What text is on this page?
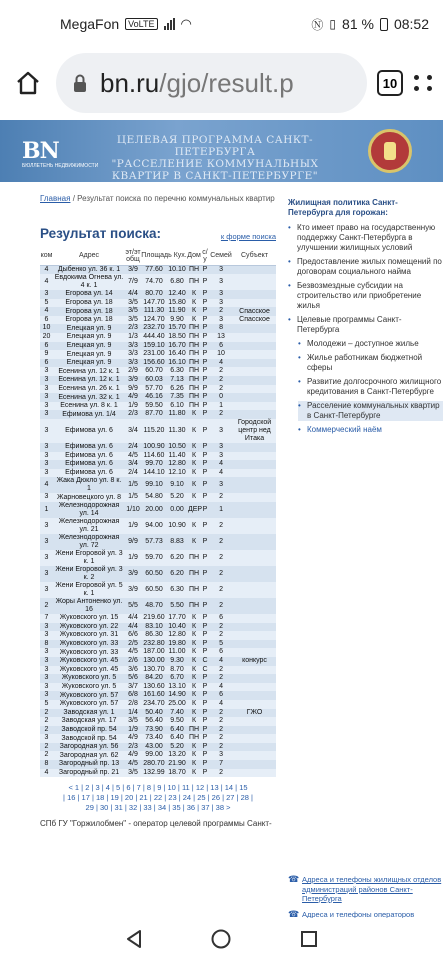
MegaFon	VoLTE ◠	Ⓝ ▯ 81 % 08:52
bn.ru/gjo/result.p	10
BN
БЮЛЛЕТЕНЬ НЕДВИЖИМОСТИ
ЦЕЛЕВАЯ ПРОГРАММА САНКТ-ПЕТЕРБУРГА
"РАССЕЛЕНИЕ КОММУНАЛЬНЫХ
КВАРТИР В САНКТ-ПЕТЕРБУРГЕ"
Главная / Результат поиска по перечню коммунальных квартир
Результат поиска:	к форме поиска
ком	Адрес	эт/эт общ	Площадь Кух.		Дом	с/у	Семей	Субъект
4	Дыбенко ул. 36 к. 1	3/9	77.60	10.10	ПН	Р	3	
4	Евдокима Огнева ул. 4 к. 1	7/9	74.70	6.80	ПН	Р	3	
3	Егорова ул. 14	4/4	80.70	12.40	К	Р	3	
5	Егорова ул. 18	3/5	147.70	15.80	К	Р	3	
4	Егорова ул. 18	3/5	111.30	11.90	К	Р	2	Спасское
6	Егорова ул. 18	3/5	124.70	9.90	К	Р	3	Спасское
10	Елецкая ул. 9	2/3	232.70	15.70	ПН	Р	8	
20	Елецкая ул. 9	1/3	444.40	18.50	ПН	Р	13	
6	Елецкая ул. 9	3/3	159.10	16.70	ПН	Р	6	
9	Елецкая ул. 9	3/3	231.00	16.40	ПН	Р	10	
6	Елецкая ул. 9	3/3	156.60	16.10	ПН	Р	4	
3	Есенина ул. 12 к. 1	2/9	60.70	6.30	ПН	Р	2	
3	Есенина ул. 12 к. 1	3/9	60.03	7.13	ПН	Р	2	
3	Есенина ул. 26 к. 1	9/9	57.70	6.26	ПН	Р	2	
3	Есенина ул. 32 к. 1	4/9	46.16	7.35	ПН	Р	0	
3	Есенина ул. 8 к. 1	1/9	59.50	6.10	ПН	Р	1	
3	Ефимова ул. 1/4	2/3	87.70	11.80	К	Р	2	
3	Ефимова ул. 6	3/4	115.20	11.30	К	Р	3	Городской центр нед Итака
3	Ефимова ул. 6	2/4	100.90	10.50	К	Р	3	
3	Ефимова ул. 6	4/5	114.60	11.40	К	Р	3	
3	Ефимова ул. 6	3/4	99.70	12.80	К	Р	4	
3	Ефимова ул. 6	2/4	144.10	12.10	К	Р	4	
4	Жака Дюкло ул. 8 к. 1	1/5	99.10	9.10	К	Р	3	
3	Жарновецкого ул. 8	1/5	54.80	5.20	К	Р	2	
1	Железнодорожная ул. 14	1/10	20.00	0.00	ДЕР	Р	1	
3	Железнодорожная ул. 21	1/9	94.00	10.90	К	Р	2	
3	Железнодорожная ул. 72	9/9	57.73	8.83	К	Р	2	
3	Жени Егоровой ул. 3 к. 1	1/9	59.70	6.20	ПН	Р	2	
3	Жени Егоровой ул. 3 к. 2	3/9	60.50	6.20	ПН	Р	2	
3	Жени Егоровой ул. 5 к. 1	3/9	60.50	6.30	ПН	Р	2	
2	Жоры Антоненко ул. 16	5/5	48.70	5.50	ПН	Р	2	
7	Жуковского ул. 15	4/4	219.60	17.70	К	Р	6	
3	Жуковского ул. 22	4/4	83.10	10.40	К	Р	2	
3	Жуковского ул. 31	6/6	86.30	12.80	К	Р	2	
8	Жуковского ул. 33	2/5	232.80	19.80	К	Р	5	
3	Жуковского ул. 33	4/5	187.00	11.00	К	Р	6	
3	Жуковского ул. 45	2/6	130.00	9.30	К	С	4	конкурс
3	Жуковского ул. 45	3/6	130.70	8.70	К	С	2	
3	Жуковского ул. 5	5/6	84.20	6.70	К	Р	2	
3	Жуковского ул. 5	3/7	130.60	13.10	К	Р	4	
3	Жуковского ул. 57	6/8	161.60	14.90	К	Р	6	
5	Жуковского ул. 57	2/8	234.70	25.00	К	Р	4	
2	Заводская ул. 1	1/4	50.40	7.40	К	Р	2	ГЖО
2	Заводская ул. 17	3/5	56.40	9.50	К	Р	2	
2	Заводской пр. 54	1/9	73.90	6.40	ПН	Р	2	
3	Заводской пр. 54	4/9	73.40	6.40	ПН	Р	2	
2	Загородная ул. 56	2/3	43.00	5.20	К	Р	2	
2	Загородная ул. 62	4/9	99.00	13.20	К	Р	3	
8	Загородный пр. 13	4/5	280.70	21.90	К	Р	7	
4	Загородный пр. 21	3/5	132.99	18.70	К	Р	2	
< 1 | 2 | 3 | 4 | 5 | 6 | 7 | 8 | 9 | 10 | 11 | 12 | 13 | 14 | 15
| 16 | 17 | 18 | 19 | 20 | 21 | 22 | 23 | 24 | 25 | 26 | 27 | 28 |
29 | 30 | 31 | 32 | 33 | 34 | 35 | 36 | 37 | 38 >
СПб ГУ "Горжилобмен" - оператор целевой программы Санкт-
Жилищная политика Санкт-Петербурга для горожан:
• Кто имеет право на государственную поддержку Санкт-Петербурга в улучшении жилищных условий
• Предоставление жилых помещений по договорам социального найма
• Безвозмездные субсидии на строительство или приобретение жилья
• Целевые программы Санкт-Петербурга
• Молодежи – доступное жилье
• Жилье работникам бюджетной сферы
• Развитие долгосрочного жилищного кредитования в Санкт-Петербурге
• Расселение коммунальных квартир в Санкт-Петербурге
• Коммерческий наём
☎ Адреса и телефоны жилищных отделов администраций районов Санкт-Петербурга
☎ Адреса и телефоны операторов
☎
